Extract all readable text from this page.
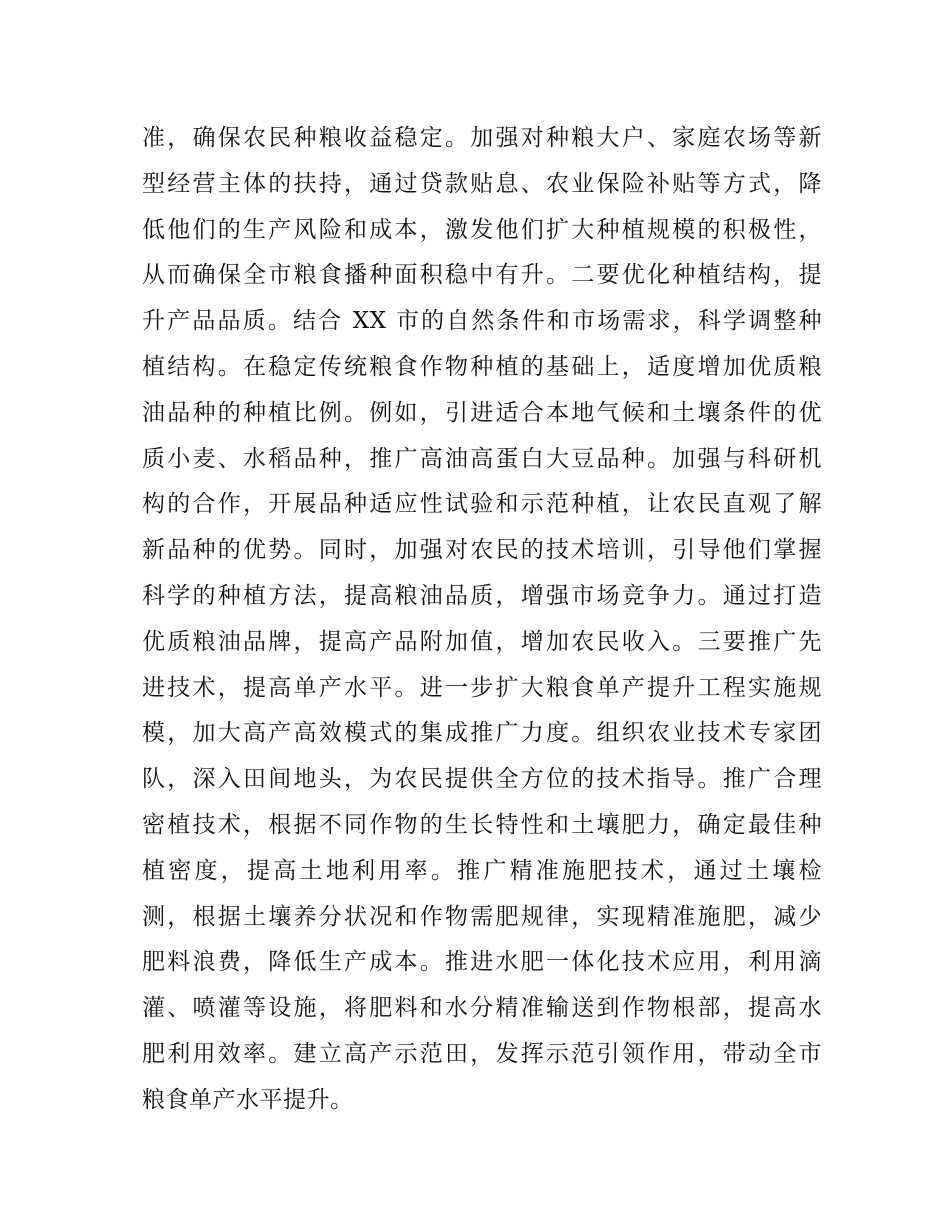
准，确保农民种粮收益稳定。加强对种粮大户、家庭农场等新
型经营主体的扶持，通过贷款贴息、农业保险补贴等方式，降
低他们的生产风险和成本，激发他们扩大种植规模的积极性，
从而确保全市粮食播种面积稳中有升。二要优化种植结构，提
升产品品质。结合 XX 市的自然条件和市场需求，科学调整种
植结构。在稳定传统粮食作物种植的基础上，适度增加优质粮
油品种的种植比例。例如，引进适合本地气候和土壤条件的优
质小麦、水稻品种，推广高油高蛋白大豆品种。加强与科研机
构的合作，开展品种适应性试验和示范种植，让农民直观了解
新品种的优势。同时，加强对农民的技术培训，引导他们掌握
科学的种植方法，提高粮油品质，增强市场竞争力。通过打造
优质粮油品牌，提高产品附加值，增加农民收入。三要推广先
进技术，提高单产水平。进一步扩大粮食单产提升工程实施规
模，加大高产高效模式的集成推广力度。组织农业技术专家团
队，深入田间地头，为农民提供全方位的技术指导。推广合理
密植技术，根据不同作物的生长特性和土壤肥力，确定最佳种
植密度，提高土地利用率。推广精准施肥技术，通过土壤检
测，根据土壤养分状况和作物需肥规律，实现精准施肥，减少
肥料浪费，降低生产成本。推进水肥一体化技术应用，利用滴
灌、喷灌等设施，将肥料和水分精准输送到作物根部，提高水
肥利用效率。建立高产示范田，发挥示范引领作用，带动全市
粮食单产水平提升。
